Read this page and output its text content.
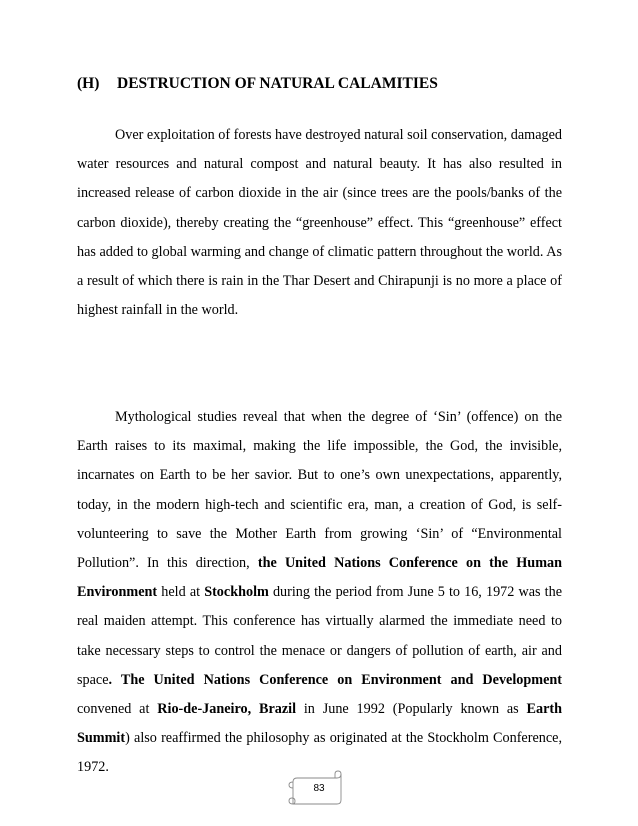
(H) DESTRUCTION OF NATURAL CALAMITIES

Over exploitation of forests have destroyed natural soil conservation, damaged water resources and natural compost and natural beauty. It has also resulted in increased release of carbon dioxide in the air (since trees are the pools/banks of the carbon dioxide), thereby creating the “greenhouse” effect. This “greenhouse” effect has added to global warming and change of climatic pattern throughout the world. As a result of which there is rain in the Thar Desert and Chirapunji is no more a place of highest rainfall in the world.

Mythological studies reveal that when the degree of ‘Sin’ (offence) on the Earth raises to its maximal, making the life impossible, the God, the invisible, incarnates on Earth to be her savior. But to one’s own unexpectations, apparently, today, in the modern high-tech and scientific era, man, a creation of God, is self-volunteering to save the Mother Earth from growing ‘Sin’ of “Environmental Pollution”. In this direction, the United Nations Conference on the Human Environment held at Stockholm during the period from June 5 to 16, 1972 was the real maiden attempt. This conference has virtually alarmed the immediate need to take necessary steps to control the menace or dangers of pollution of earth, air and space. The United Nations Conference on Environment and Development convened at Rio-de-Janeiro, Brazil in June 1992 (Popularly known as Earth Summit) also reaffirmed the philosophy as originated at the Stockholm Conference, 1972.

83
